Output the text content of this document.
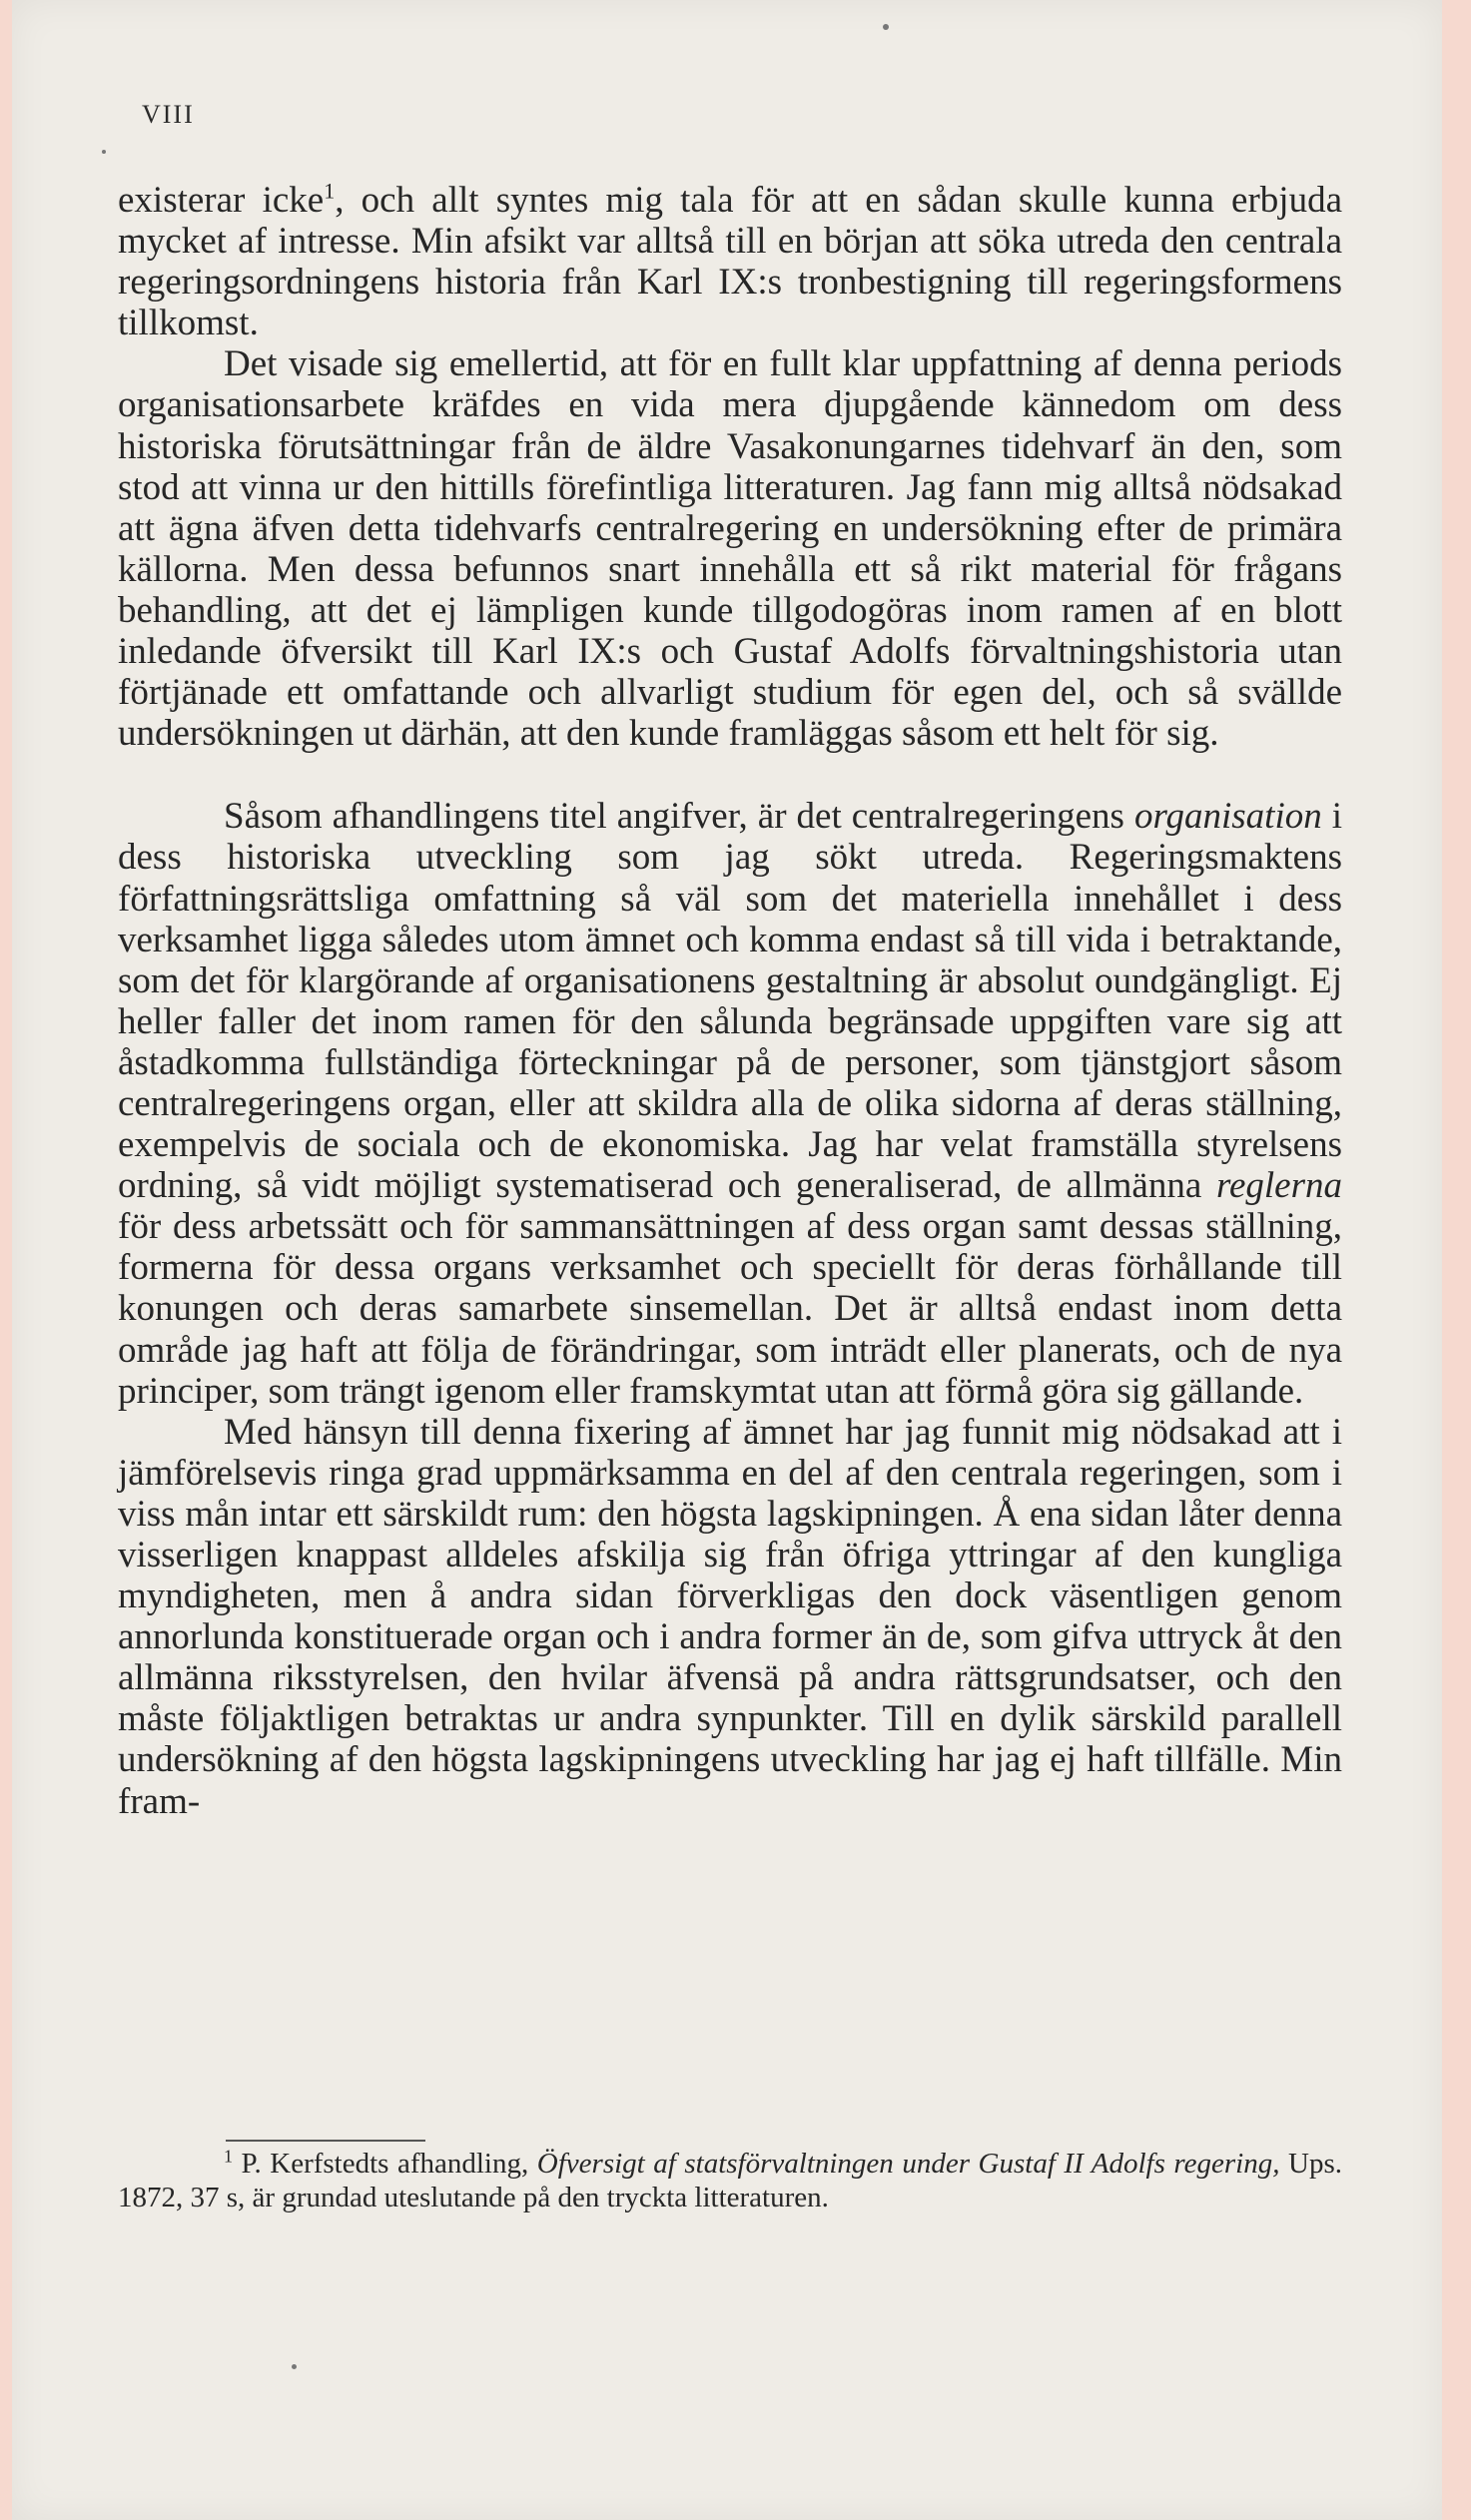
VIII

existerar icke$^1$, och allt syntes mig tala för att en sådan skulle kunna erbjuda mycket af intresse. Min afsikt var alltså till en början att söka utreda den centrala regeringsordningens historia från Karl IX:s tronbestigning till regeringsformens tillkomst.

Det visade sig emellertid, att för en fullt klar uppfattning af denna periods organisationsarbete kräfdes en vida mera djupgående kännedom om dess historiska förutsättningar från de äldre Vasakonungarnes tidehvarf än den, som stod att vinna ur den hittills förefintliga litteraturen. Jag fann mig alltså nödsakad att ägna äfven detta tidehvarfs centralregering en undersökning efter de primära källorna. Men dessa befunnos snart innehålla ett så rikt material för frågans behandling, att det ej lämpligen kunde tillgodogöras inom ramen af en blott inledande öfversikt till Karl IX:s och Gustaf Adolfs förvaltningshistoria utan förtjänade ett omfattande och allvarligt studium för egen del, och så svällde undersökningen ut därhän, att den kunde framläggas såsom ett helt för sig.

Såsom afhandlingens titel angifver, är det centralregeringens organisation i dess historiska utveckling som jag sökt utreda. Regeringsmaktens författningsrättsliga omfattning så väl som det materiella innehållet i dess verksamhet ligga således utom ämnet och komma endast så till vida i betraktande, som det för klargörande af organisationens gestaltning är absolut oundgängligt. Ej heller faller det inom ramen för den sålunda begränsade uppgiften vare sig att åstadkomma fullständiga förteckningar på de personer, som tjänstgjort såsom centralregeringens organ, eller att skildra alla de olika sidorna af deras ställning, exempelvis de sociala och de ekonomiska. Jag har velat framställa styrelsens ordning, så vidt möjligt systematiserad och generaliserad, de allmänna reglerna för dess arbetssätt och för sammansättningen af dess organ samt dessas ställning, formerna för dessa organs verksamhet och speciellt för deras förhållande till konungen och deras samarbete sinsemellan. Det är alltså endast inom detta område jag haft att följa de förändringar, som inträdt eller planerats, och de nya principer, som trängt igenom eller framskymtat utan att förmå göra sig gällande.

Med hänsyn till denna fixering af ämnet har jag funnit mig nödsakad att i jämförelsevis ringa grad uppmärksamma en del af den centrala regeringen, som i viss mån intar ett särskildt rum: den högsta lagskipningen. Å ena sidan låter denna visserligen knappast alldeles afskilja sig från öfriga yttringar af den kungliga myndigheten, men å andra sidan förverkligas den dock väsentligen genom annorlunda konstituerade organ och i andra former än de, som gifva uttryck åt den allmänna riksstyrelsen, den hvilar äfvensä på andra rättsgrundsatser, och den måste följaktligen betraktas ur andra synpunkter. Till en dylik särskild parallell undersökning af den högsta lagskipningens utveckling har jag ej haft tillfälle. Min fram-

$^1$ P. Kerfstedts afhandling, Öfversigt af statsförvaltningen under Gustaf II Adolfs regering, Ups. 1872, 37 s, är grundad uteslutande på den tryckta litteraturen.
